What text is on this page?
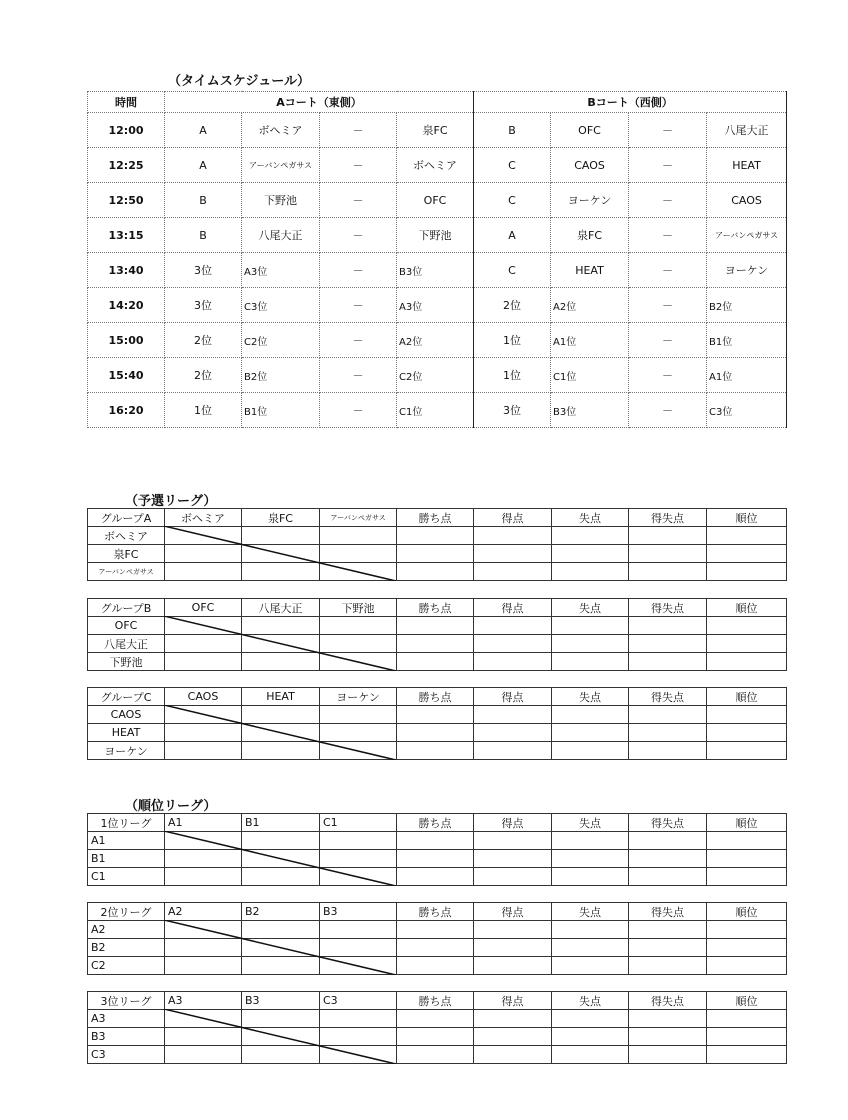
（タイムスケジュール）
時間	Aコート（東側）				Bコート（西側）			
12:00	A	ボヘミア	－	泉FC	B	OFC	－	八尾大正
12:25	A	アーバンペガサス	－	ボヘミア	C	CAOS	－	HEAT
12:50	B	下野池	－	OFC	C	ヨーケン	－	CAOS
13:15	B	八尾大正	－	下野池	A	泉FC	－	アーバンペガサス
13:40	3位	A3位	－	B3位	C	HEAT	－	ヨーケン
14:20	3位	C3位	－	A3位	2位	A2位	－	B2位
15:00	2位	C2位	－	A2位	1位	A1位	－	B1位
15:40	2位	B2位	－	C2位	1位	C1位	－	A1位
16:20	1位	B1位	－	C1位	3位	B3位	－	C3位
（予選リーグ）
グループA	ボヘミア	泉FC	アーバンペガサス	勝ち点	得点	失点	得失点	順位
ボヘミア								
泉FC								
アーバンペガサス								
グループB	OFC	八尾大正	下野池	勝ち点	得点	失点	得失点	順位
OFC								
八尾大正								
下野池								
グループC	CAOS	HEAT	ヨーケン	勝ち点	得点	失点	得失点	順位
CAOS								
HEAT								
ヨーケン								
（順位リーグ）
1位リーグ	A1	B1	C1	勝ち点	得点	失点	得失点	順位
A1								
B1								
C1								
2位リーグ	A2	B2	B3	勝ち点	得点	失点	得失点	順位
A2								
B2								
C2								
3位リーグ	A3	B3	C3	勝ち点	得点	失点	得失点	順位
A3								
B3								
C3								
